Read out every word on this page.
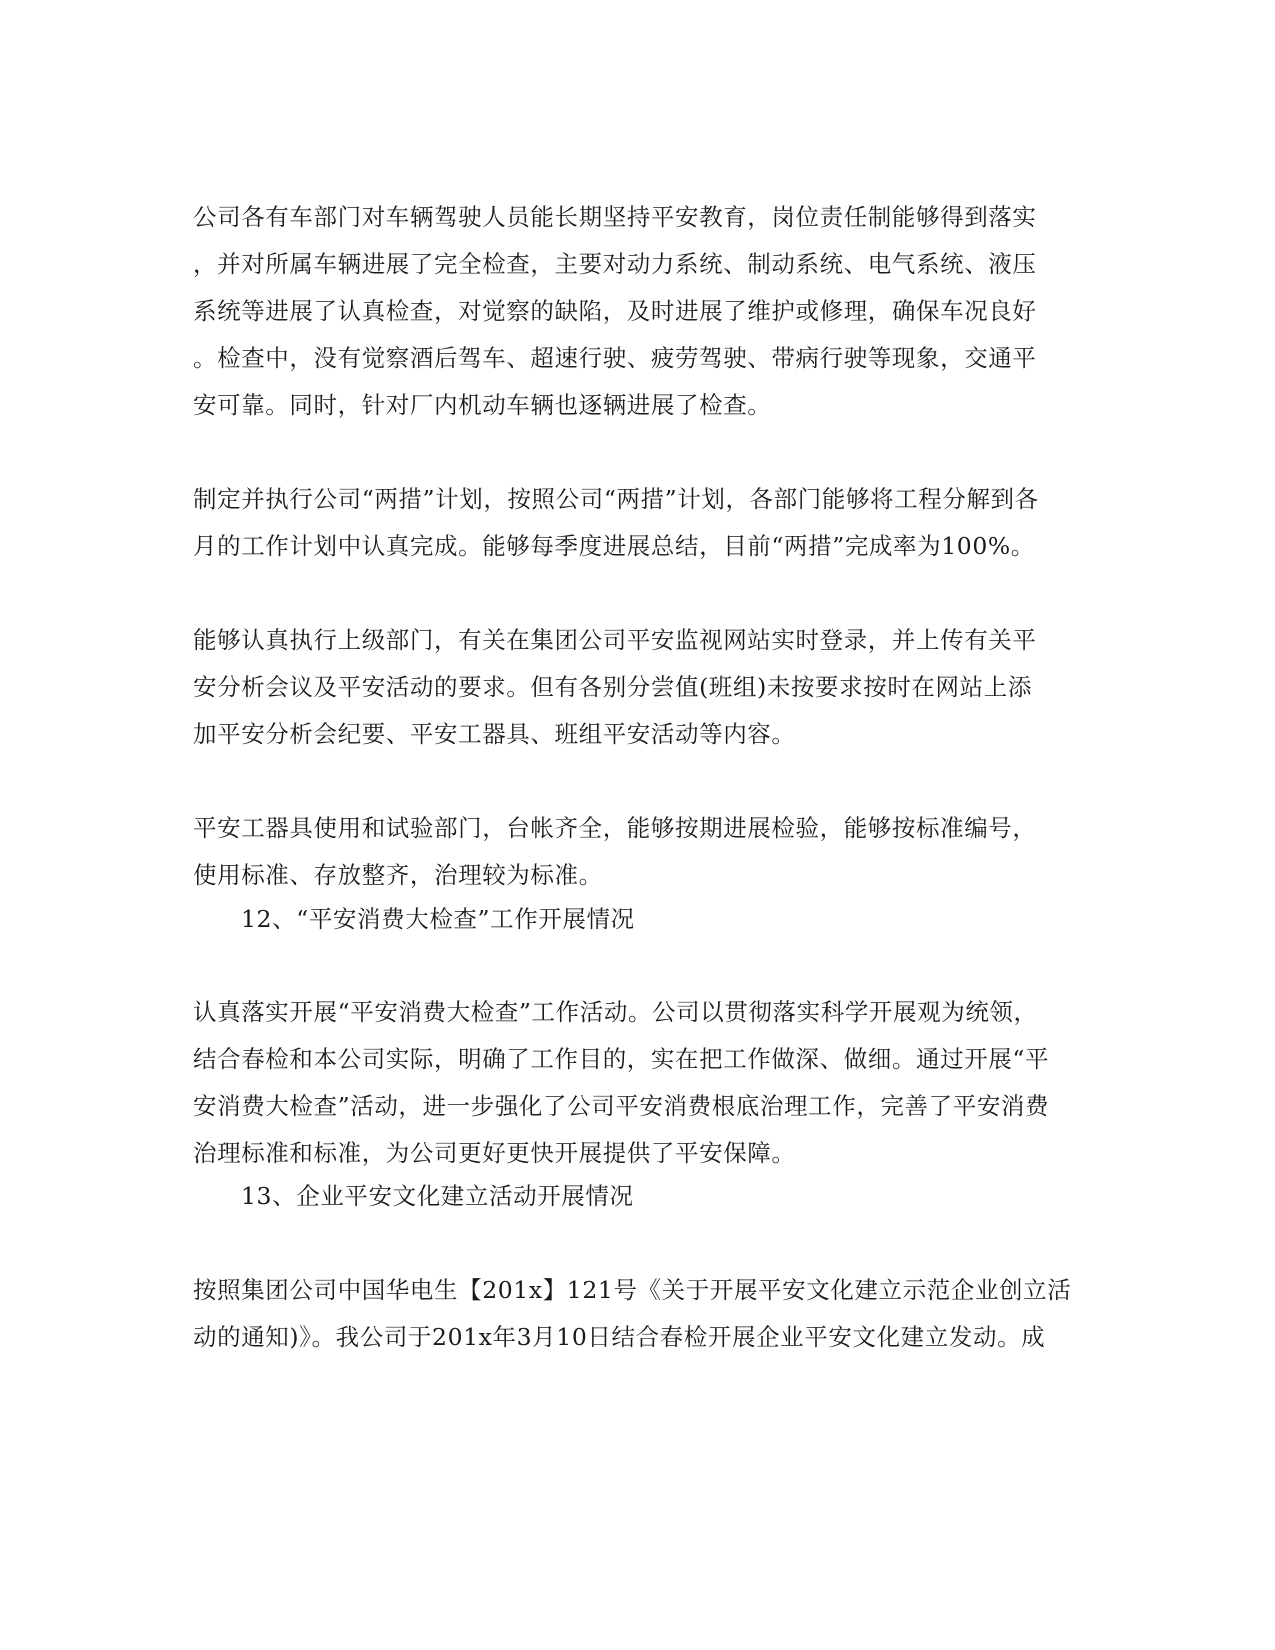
公司各有车部门对车辆驾驶人员能长期坚持平安教育，岗位责任制能够得到落实
，并对所属车辆进展了完全检查，主要对动力系统、制动系统、电气系统、液压
系统等进展了认真检查，对觉察的缺陷，及时进展了维护或修理，确保车况良好
。检查中，没有觉察酒后驾车、超速行驶、疲劳驾驶、带病行驶等现象，交通平
安可靠。同时，针对厂内机动车辆也逐辆进展了检查。
制定并执行公司“两措”计划，按照公司“两措”计划，各部门能够将工程分解到各
月的工作计划中认真完成。能够每季度进展总结，目前“两措”完成率为100%。
能够认真执行上级部门，有关在集团公司平安监视网站实时登录，并上传有关平
安分析会议及平安活动的要求。但有各别分尝值(班组)未按要求按时在网站上添
加平安分析会纪要、平安工器具、班组平安活动等内容。
平安工器具使用和试验部门，台帐齐全，能够按期进展检验，能够按标准编号，
使用标准、存放整齐，治理较为标准。
12、“平安消费大检查”工作开展情况
认真落实开展“平安消费大检查”工作活动。公司以贯彻落实科学开展观为统领，
结合春检和本公司实际，明确了工作目的，实在把工作做深、做细。通过开展“平
安消费大检查”活动，进一步强化了公司平安消费根底治理工作，完善了平安消费
治理标准和标准，为公司更好更快开展提供了平安保障。
13、企业平安文化建立活动开展情况
按照集团公司中国华电生【201x】121号《关于开展平安文化建立示范企业创立活
动的通知)》。我公司于201x年3月10日结合春检开展企业平安文化建立发动。成
